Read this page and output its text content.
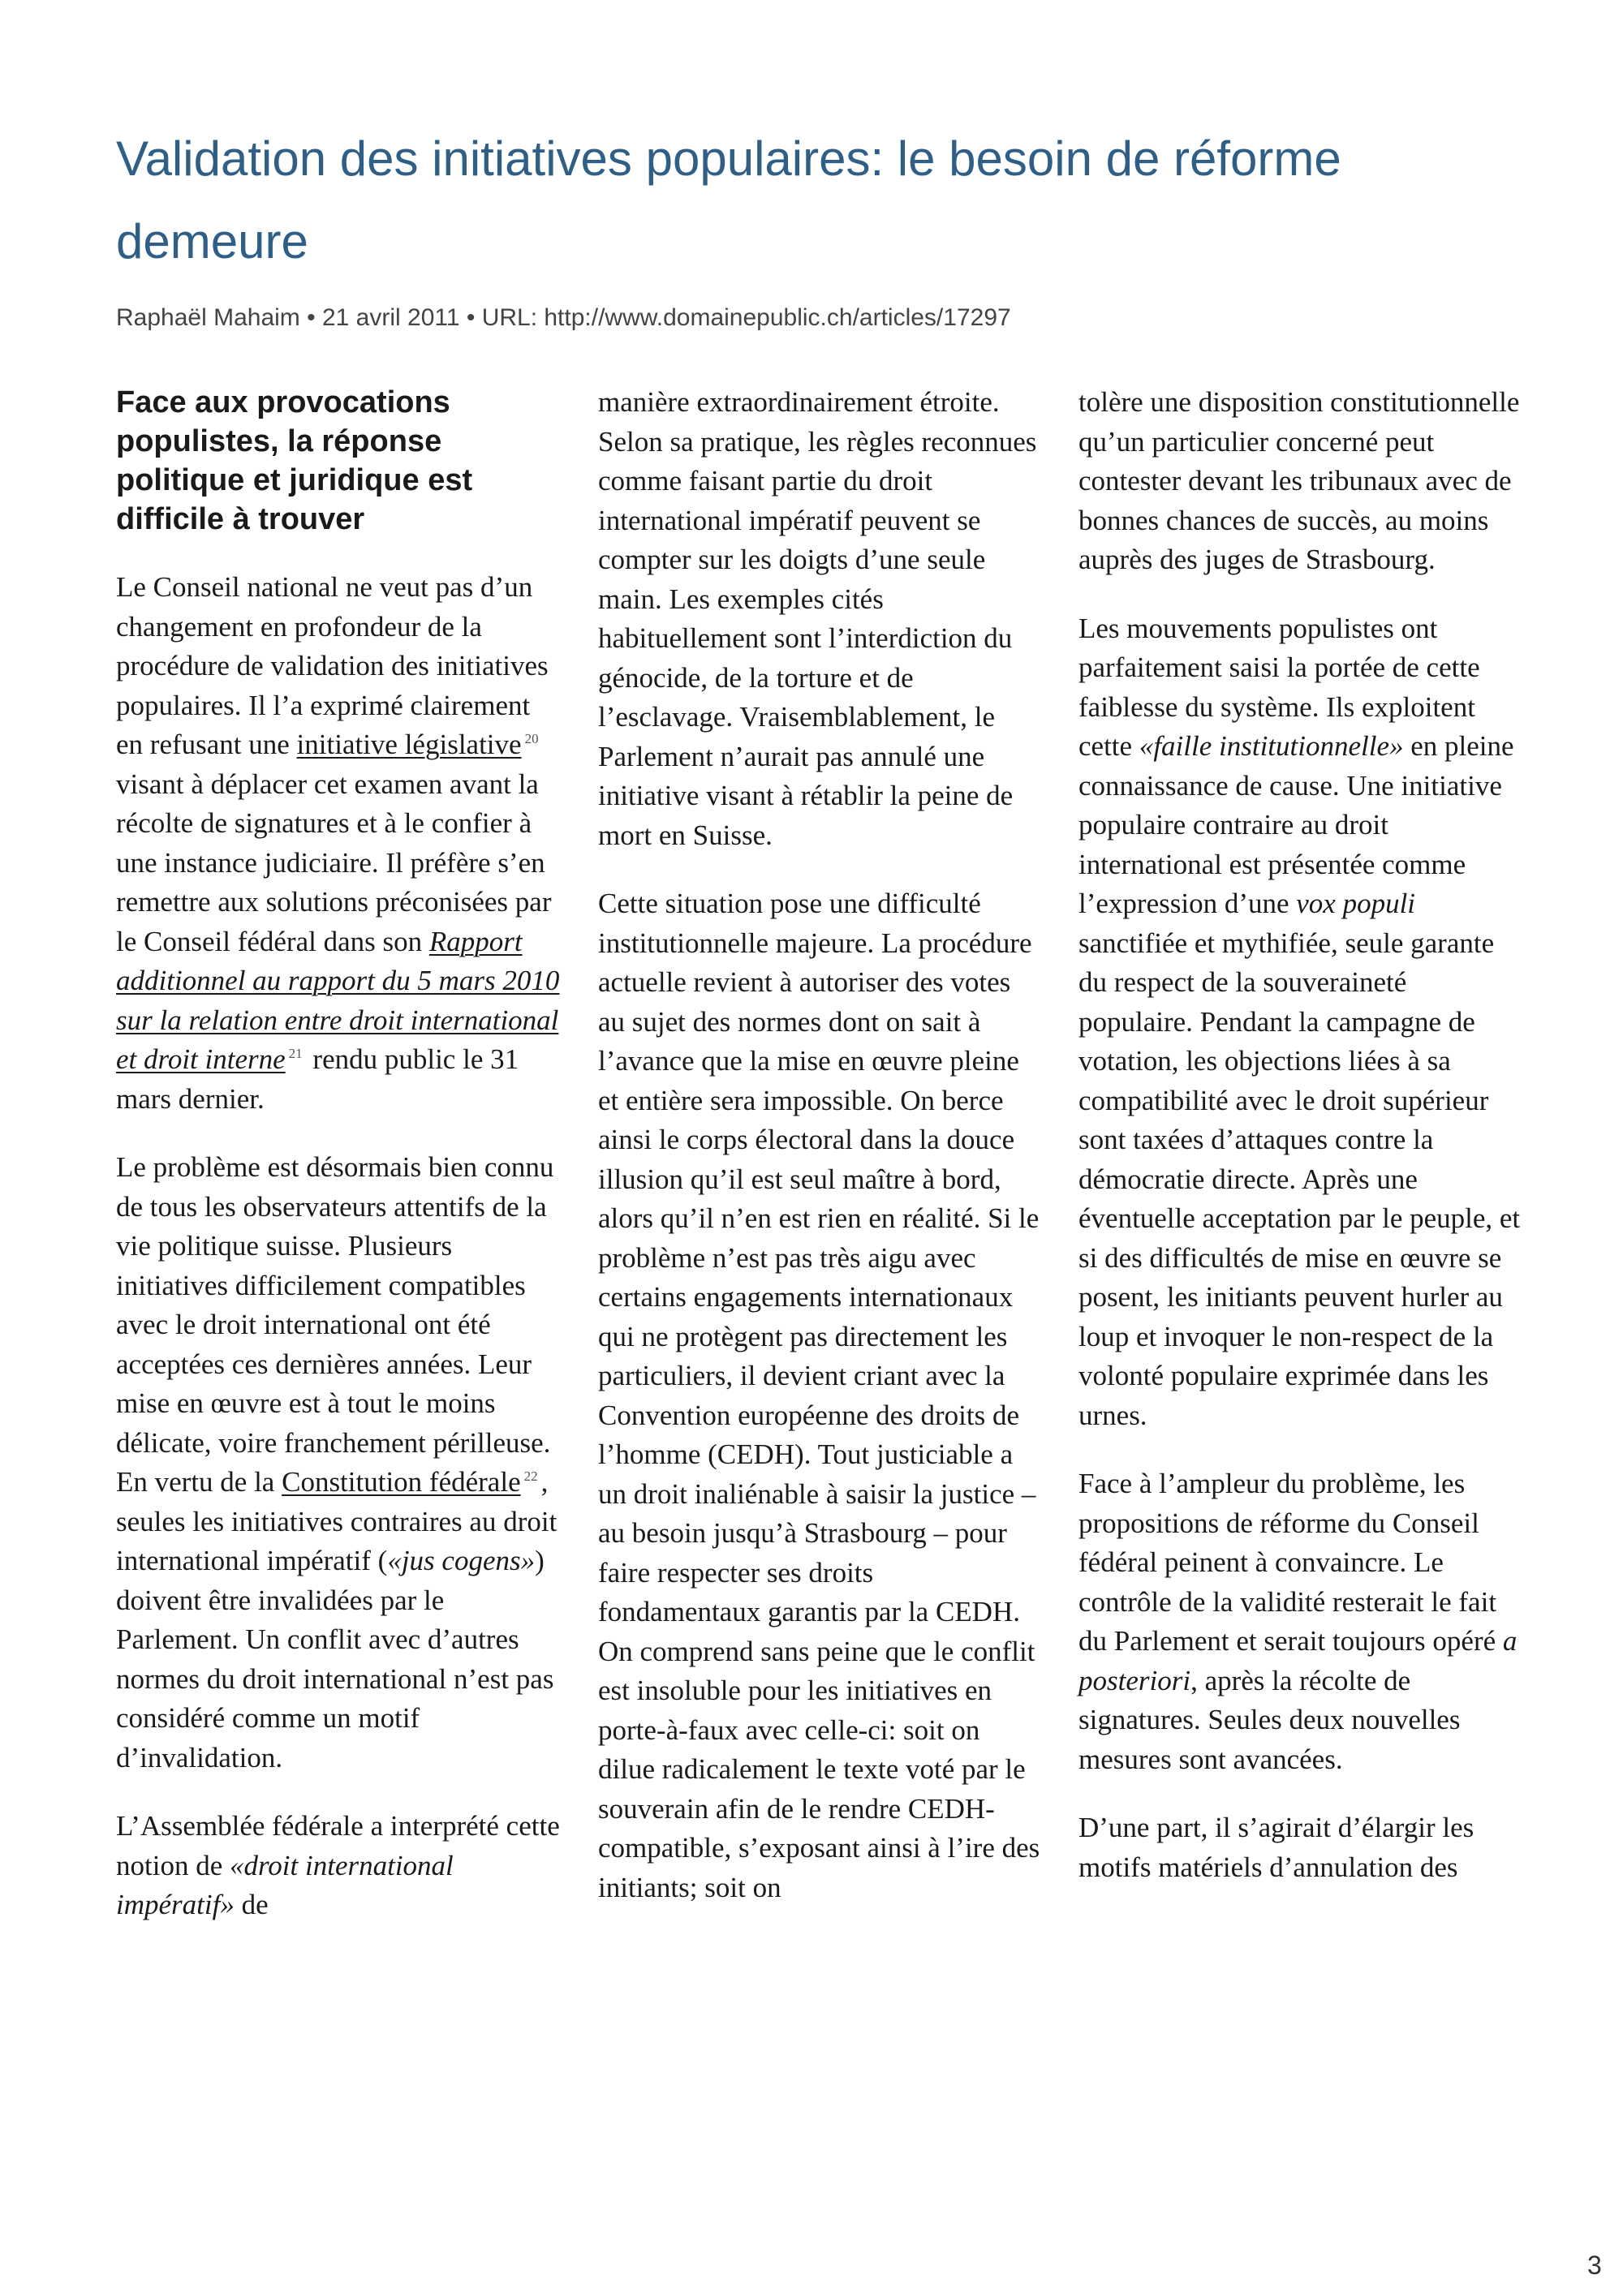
Validation des initiatives populaires: le besoin de réforme demeure

Raphaël Mahaim • 21 avril 2011 • URL: http://www.domainepublic.ch/articles/17297

Face aux provocations populistes, la réponse politique et juridique est difficile à trouver

Le Conseil national ne veut pas d’un changement en profondeur de la procédure de validation des initiatives populaires. Il l’a exprimé clairement en refusant une initiative législative $^{20}$ visant à déplacer cet examen avant la récolte de signatures et à le confier à une instance judiciaire. Il préfère s’en remettre aux solutions préconisées par le Conseil fédéral dans son Rapport additionnel au rapport du 5 mars 2010 sur la relation entre droit international et droit interne $^{21}$ rendu public le 31 mars dernier.

Le problème est désormais bien connu de tous les observateurs attentifs de la vie politique suisse. Plusieurs initiatives difficilement compatibles avec le droit international ont été acceptées ces dernières années. Leur mise en œuvre est à tout le moins délicate, voire franchement périlleuse. En vertu de la Constitution fédérale $^{22}$ , seules les initiatives contraires au droit international impératif («jus cogens») doivent être invalidées par le Parlement. Un conflit avec d’autres normes du droit international n’est pas considéré comme un motif d’invalidation.

L’Assemblée fédérale a interprété cette notion de «droit international impératif» de

manière extraordinairement étroite. Selon sa pratique, les règles reconnues comme faisant partie du droit international impératif peuvent se compter sur les doigts d’une seule main. Les exemples cités habituellement sont l’interdiction du génocide, de la torture et de l’esclavage. Vraisemblablement, le Parlement n’aurait pas annulé une initiative visant à rétablir la peine de mort en Suisse.

Cette situation pose une difficulté institutionnelle majeure. La procédure actuelle revient à autoriser des votes au sujet des normes dont on sait à l’avance que la mise en œuvre pleine et entière sera impossible. On berce ainsi le corps électoral dans la douce illusion qu’il est seul maître à bord, alors qu’il n’en est rien en réalité. Si le problème n’est pas très aigu avec certains engagements internationaux qui ne protègent pas directement les particuliers, il devient criant avec la Convention européenne des droits de l’homme (CEDH). Tout justiciable a un droit inaliénable à saisir la justice – au besoin jusqu’à Strasbourg – pour faire respecter ses droits fondamentaux garantis par la CEDH. On comprend sans peine que le conflit est insoluble pour les initiatives en porte-à-faux avec celle-ci: soit on dilue radicalement le texte voté par le souverain afin de le rendre CEDH-compatible, s’exposant ainsi à l’ire des initiants; soit on

tolère une disposition constitutionnelle qu’un particulier concerné peut contester devant les tribunaux avec de bonnes chances de succès, au moins auprès des juges de Strasbourg.

Les mouvements populistes ont parfaitement saisi la portée de cette faiblesse du système. Ils exploitent cette «faille institutionnelle» en pleine connaissance de cause. Une initiative populaire contraire au droit international est présentée comme l’expression d’une vox populi sanctifiée et mythifiée, seule garante du respect de la souveraineté populaire. Pendant la campagne de votation, les objections liées à sa compatibilité avec le droit supérieur sont taxées d’attaques contre la démocratie directe. Après une éventuelle acceptation par le peuple, et si des difficultés de mise en œuvre se posent, les initiants peuvent hurler au loup et invoquer le non-respect de la volonté populaire exprimée dans les urnes.

Face à l’ampleur du problème, les propositions de réforme du Conseil fédéral peinent à convaincre. Le contrôle de la validité resterait le fait du Parlement et serait toujours opéré a posteriori, après la récolte de signatures. Seules deux nouvelles mesures sont avancées.

D’une part, il s’agirait d’élargir les motifs matériels d’annulation des

3
